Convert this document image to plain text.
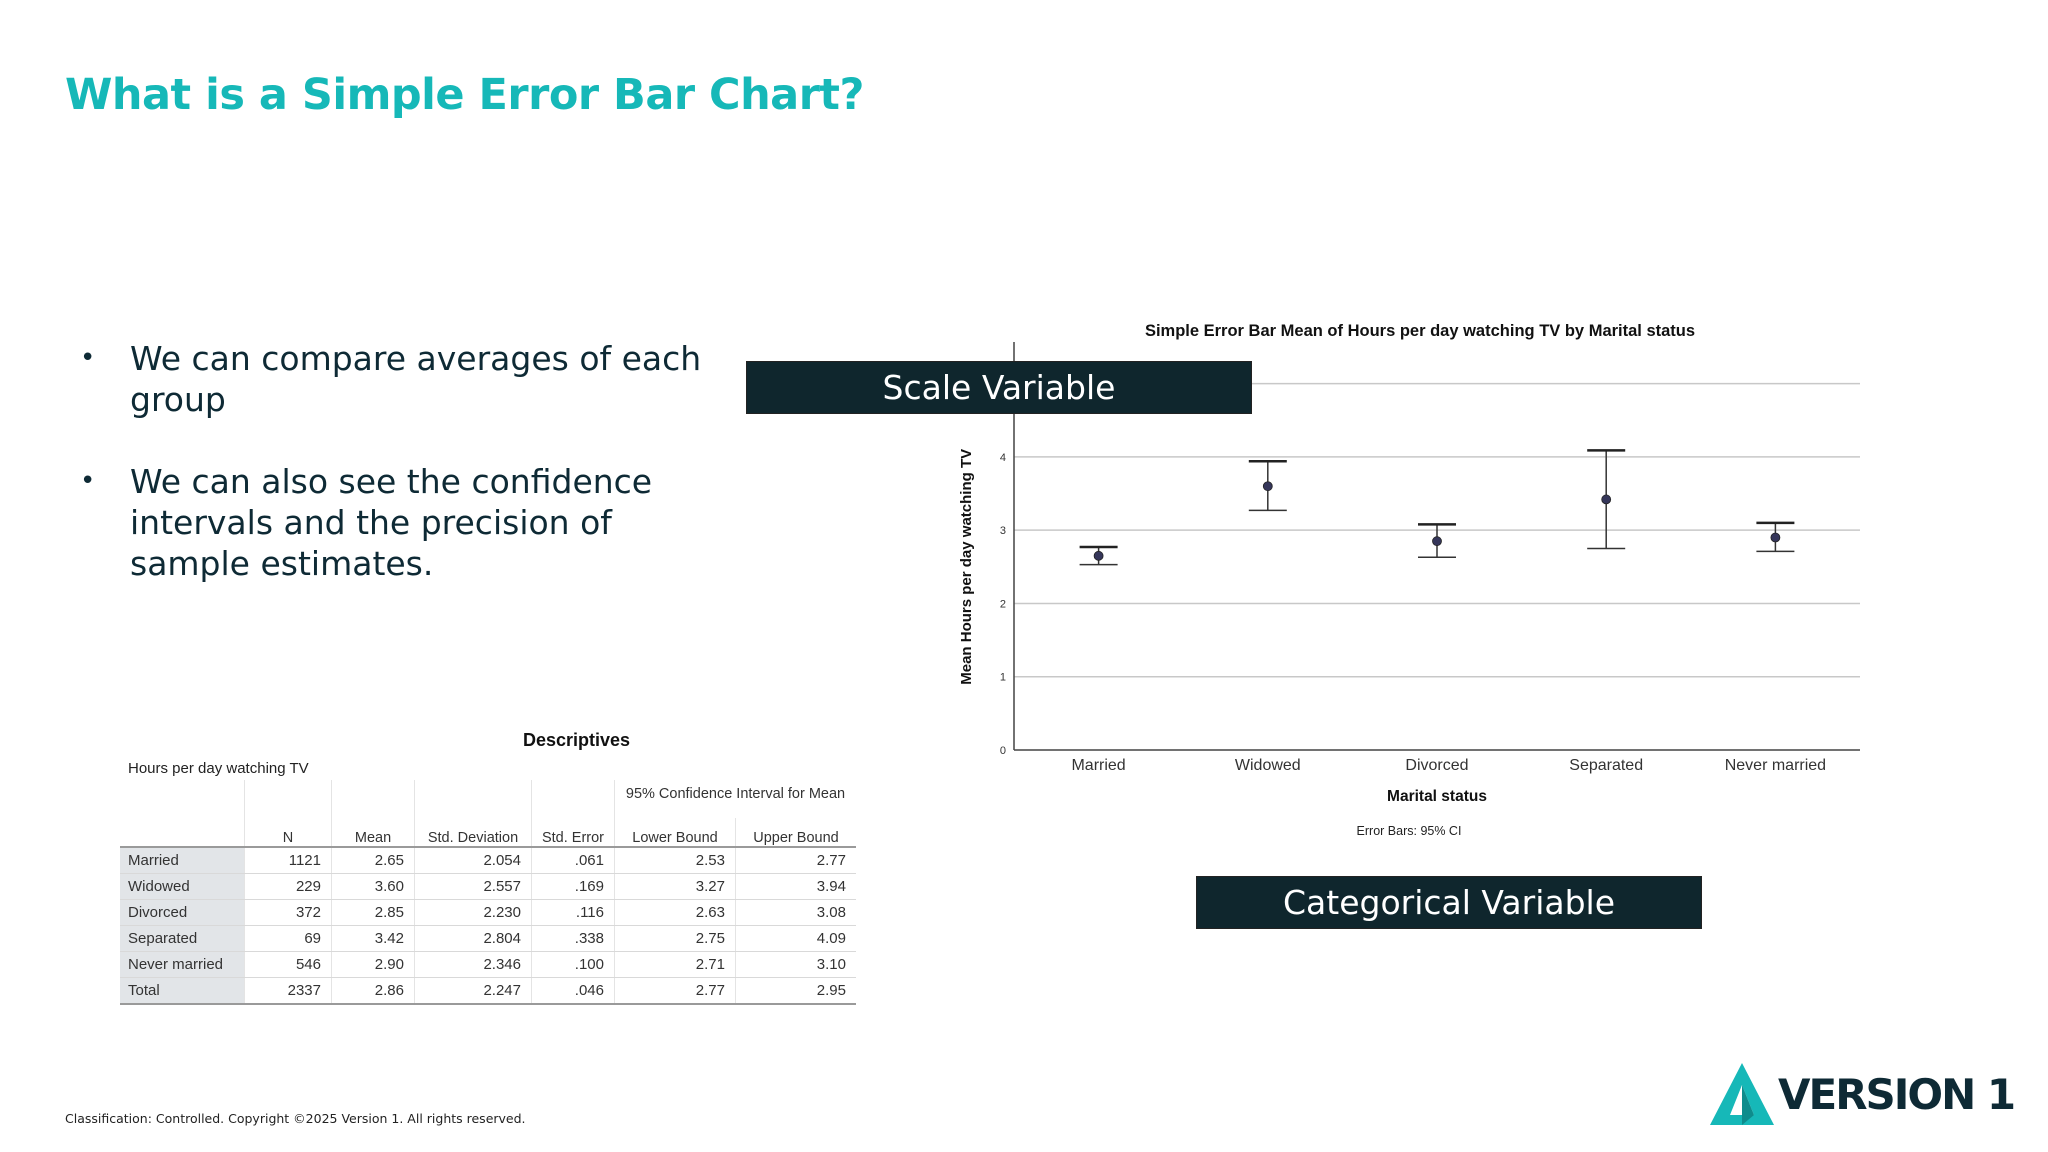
What is a Simple Error Bar Chart?
• We can compare averages of each group
• We can also see the confidence intervals and the precision of sample estimates.
Descriptives
Hours per day watching TV
					95% Confidence Interval for Mean	
	N	Mean	Std. Deviation	Std. Error	Lower Bound	Upper Bound
Married	1121	2.65	2.054	.061	2.53	2.77
Widowed	229	3.60	2.557	.169	3.27	3.94
Divorced	372	2.85	2.230	.116	2.63	3.08
Separated	69	3.42	2.804	.338	2.75	4.09
Never married	546	2.90	2.346	.100	2.71	3.10
Total	2337	2.86	2.247	.046	2.77	2.95
0
1
2
3
4
Simple Error Bar Mean of Hours per day watching TV by Marital status
Mean Hours per day watching TV
Marital status
Error Bars: 95% CI
Married	Widowed	Divorced	Separated	Never married
Scale Variable
Categorical Variable
Classification: Controlled. Copyright ©2025 Version 1. All rights reserved.	VERSION 1
